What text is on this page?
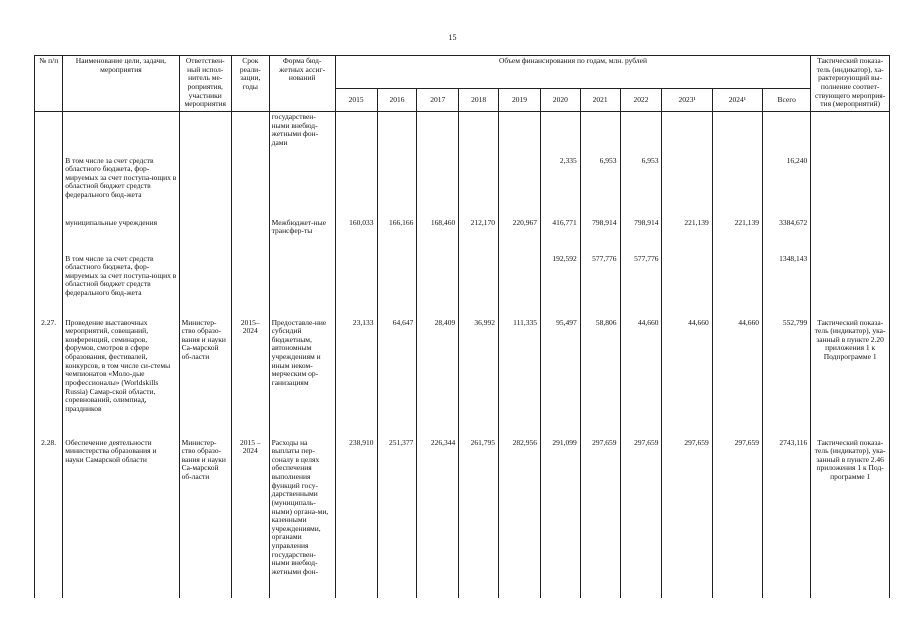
15
№ п/п	Наименование цели, задачи, мероприятия	Ответствен-ный испол-нитель ме-роприятия, участники мероприятия	Срок реали-зации, годы	Форма бюд-жетных ассиг-нований	Объем финансирования по годам, млн. рублей											Тактический показа-тель (индикатор), ха-рактеризующий вы-полнение соответ-ствующего мероприя-тия (мероприятий)
					2015	2016	2017	2018	2019	2020	2021	2022	2023¹	2024¹	Всего	
				государствен-ными внебюд-жетными фон-дами												
	В том числе за счет средств областного бюджета, фор-мируемых за счет поступа-ющих в областной бюджет средств федерального бюд-жета									2,335	6,953	6,953			16,240	
	муниципальные учреждения			Межбюджет-ные трансфер-ты	160,033	166,166	168,460	212,170	220,967	416,771	798,914	798,914	221,139	221,139	3384,672	
	В том числе за счет средств областного бюджета, фор-мируемых за счет поступа-ющих в областной бюджет средств федерального бюд-жета									192,592	577,776	577,776			1348,143	
2.27.	Проведение выставочных мероприятий, совещаний, конференций, семинаров, форумов, смотров в сфере образования, фестивалей, конкурсов, в том числе си-стемы чемпионатов «Моло-дые профессионалы» (Worldskills Russia) Самар-ской области, соревнований, олимпиад, праздников	Министер-ство образо-вания и науки Са-марской об-ласти	2015–2024	Предоставле-ние субсидий бюджетным, автономным учреждениям и иным неком-мерческим ор-ганизациям	23,133	64,647	28,409	36,992	111,335	95,497	58,806	44,660	44,660	44,660	552,799	Тактический показа-тель (индикатор), ука-занный в пункте 2.20 приложения 1 к Подпрограмме 1
2.28.	Обеспечение деятельности министерства образования и науки Самарской области	Министер-ство образо-вания и науки Са-марской об-ласти	2015 – 2024	Расходы на выплаты пер-соналу в целях обеспечения выполнения функций госу-дарственными (муниципаль-ными) органа-ми, казенными учреждениями, органами управления государствен-ными внебюд-жетными фон-	238,910	251,377	226,344	261,795	282,956	291,099	297,659	297,659	297,659	297,659	2743,116	Тактический показа-тель (индикатор), ука-занный в пункте 2.46 приложения 1 к Под-программе 1
